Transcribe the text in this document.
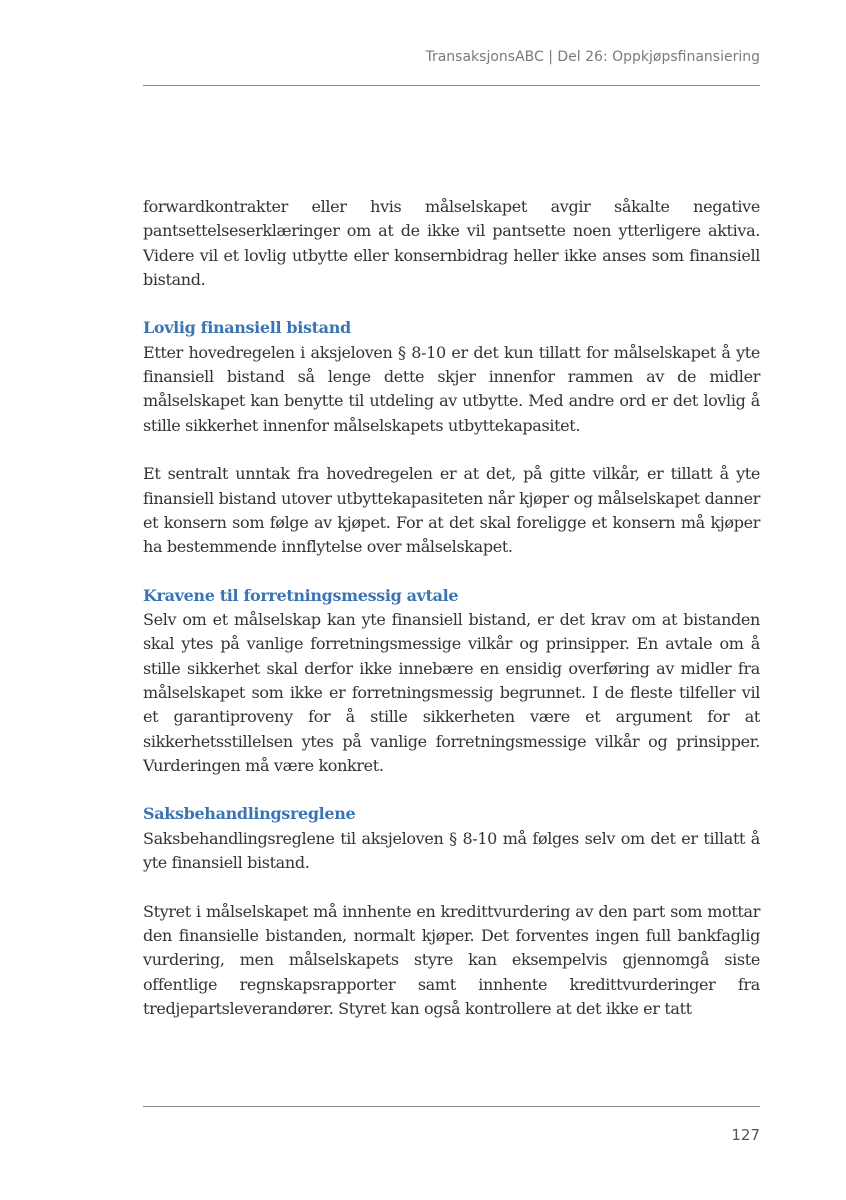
TransaksjonsABC | Del 26: Oppkjøpsfinansiering

forwardkontrakter eller hvis målselskapet avgir såkalte negative pantsettelseserklæringer om at de ikke vil pantsette noen ytterligere aktiva. Videre vil et lovlig utbytte eller konsernbidrag heller ikke anses som finansiell bistand.

Lovlig finansiell bistand

Etter hovedregelen i aksjeloven § 8-10 er det kun tillatt for målselskapet å yte finansiell bistand så lenge dette skjer innenfor rammen av de midler målselskapet kan benytte til utdeling av utbytte. Med andre ord er det lovlig å stille sikkerhet innenfor målselskapets utbyttekapasitet.

Et sentralt unntak fra hovedregelen er at det, på gitte vilkår, er tillatt å yte finansiell bistand utover utbyttekapasiteten når kjøper og målselskapet danner et konsern som følge av kjøpet. For at det skal foreligge et konsern må kjøper ha bestemmende innflytelse over målselskapet.

Kravene til forretningsmessig avtale

Selv om et målselskap kan yte finansiell bistand, er det krav om at bistanden skal ytes på vanlige forretningsmessige vilkår og prinsipper. En avtale om å stille sikkerhet skal derfor ikke innebære en ensidig overføring av midler fra målselskapet som ikke er forretningsmessig begrunnet. I de fleste tilfeller vil et garantiproveny for å stille sikkerheten være et argument for at sikkerhetsstillelsen ytes på vanlige forretningsmessige vilkår og prinsipper. Vurderingen må være konkret.

Saksbehandlingsreglene

Saksbehandlingsreglene til aksjeloven § 8-10 må følges selv om det er tillatt å yte finansiell bistand.

Styret i målselskapet må innhente en kredittvurdering av den part som mottar den finansielle bistanden, normalt kjøper. Det forventes ingen full bankfaglig vurdering, men målselskapets styre kan eksempelvis gjennomgå siste offentlige regnskapsrapporter samt innhente kredittvurderinger fra tredjepartsleverandører. Styret kan også kontrollere at det ikke er tatt

127
